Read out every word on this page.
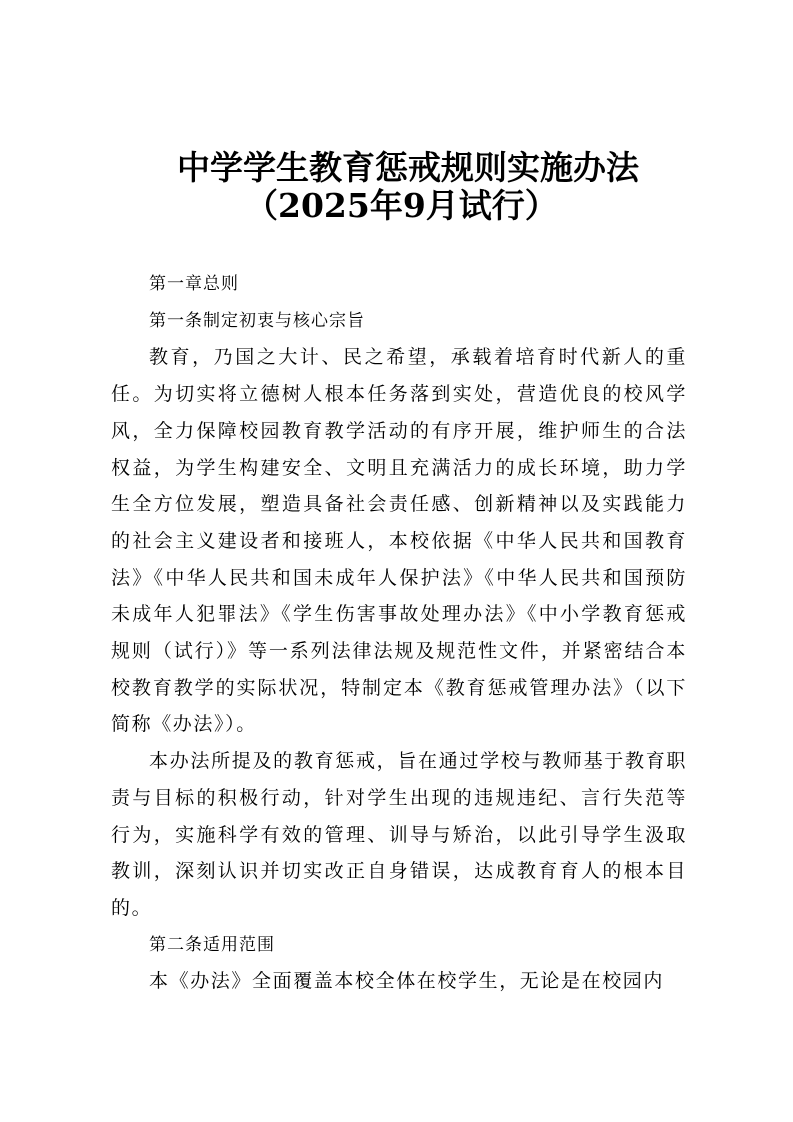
中学学生教育惩戒规则实施办法
（2025年9月试行）

第一章总则

第一条制定初衷与核心宗旨

教育，乃国之大计、民之希望，承载着培育时代新人的重任。为切实将立德树人根本任务落到实处，营造优良的校风学风，全力保障校园教育教学活动的有序开展，维护师生的合法权益，为学生构建安全、文明且充满活力的成长环境，助力学生全方位发展，塑造具备社会责任感、创新精神以及实践能力的社会主义建设者和接班人，本校依据《中华人民共和国教育法》《中华人民共和国未成年人保护法》《中华人民共和国预防未成年人犯罪法》《学生伤害事故处理办法》《中小学教育惩戒规则（试行）》等一系列法律法规及规范性文件，并紧密结合本校教育教学的实际状况，特制定本《教育惩戒管理办法》（以下简称《办法》）。

本办法所提及的教育惩戒，旨在通过学校与教师基于教育职责与目标的积极行动，针对学生出现的违规违纪、言行失范等行为，实施科学有效的管理、训导与矫治，以此引导学生汲取教训，深刻认识并切实改正自身错误，达成教育育人的根本目的。

第二条适用范围

本《办法》全面覆盖本校全体在校学生，无论是在校园内
